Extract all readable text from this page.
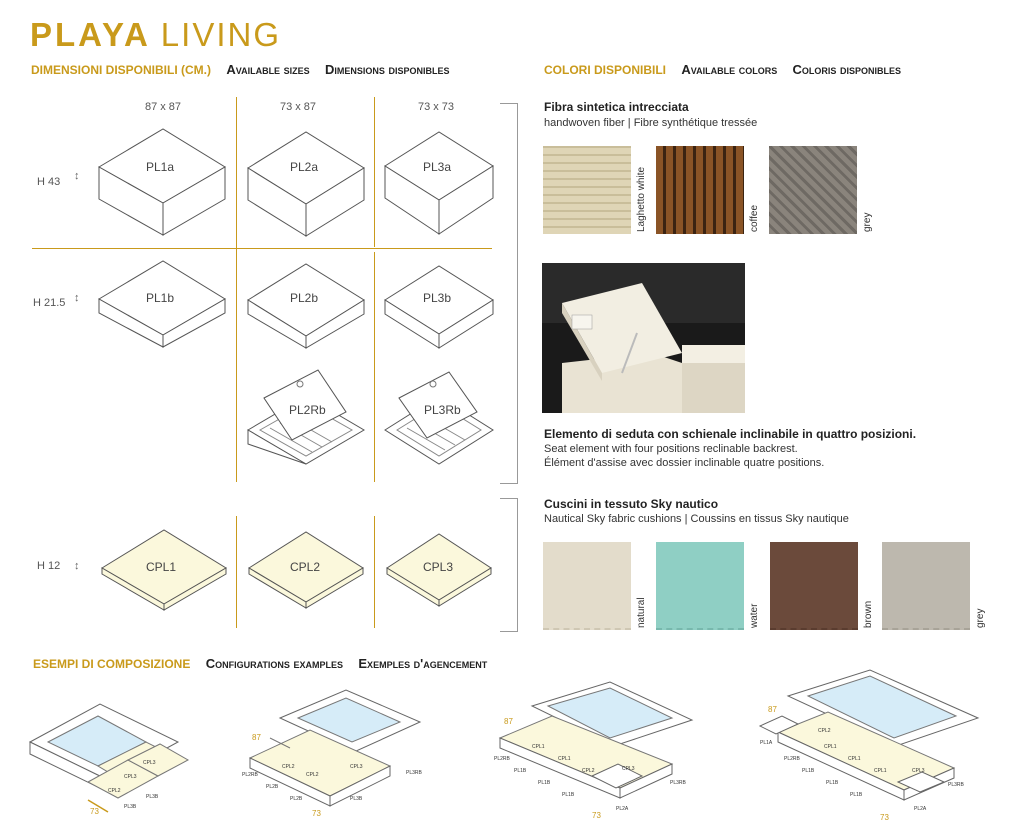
PLAYA LIVING
DIMENSIONI DISPONIBILI (CM.) Available sizes Dimensions disponibles	COLORI DISPONIBILI Available colors Coloris disponibles
ESEMPI DI COMPOSIZIONE Configurations examples Exemples d'agencement
87 x 87	73 x 87	73 x 73
H 43 ↕
H 21.5 ↕
H 12 ↕
PL1a	PL2a	PL3a
PL1b	PL2b	PL3b
PL2Rb	PL3Rb
CPL1	CPL2	CPL3
Fibra sintetica intrecciata
handwoven fiber | Fibre synthétique tressée
Laghetto white	coffee	grey
Elemento di seduta con schienale inclinabile in quattro posizioni.
Seat element with four positions reclinable backrest.
Élément d'assise avec dossier inclinable quatre positions.
Cuscini in tessuto Sky nautico
Nautical Sky fabric cushions | Coussins en tissus Sky nautique
natural	water	brown	grey
CPL3
CPL3
CPL2
PL3B
PL3B
73
CPL2
CPL2
CPL3
PL2RB
PL2B
PL2B	PL3B
PL3RB
87
73
CPL1
CPL1
CPL2	CPL3
PL2RB
PL1B
PL1B
PL1B
PL2A
PL3RB
87
73
CPL2
CPL1
CPL1
CPL1	CPL3
PL1A
PL2RB
PL1B
PL1B
PL1B
PL2A
PL3RB
87
73
